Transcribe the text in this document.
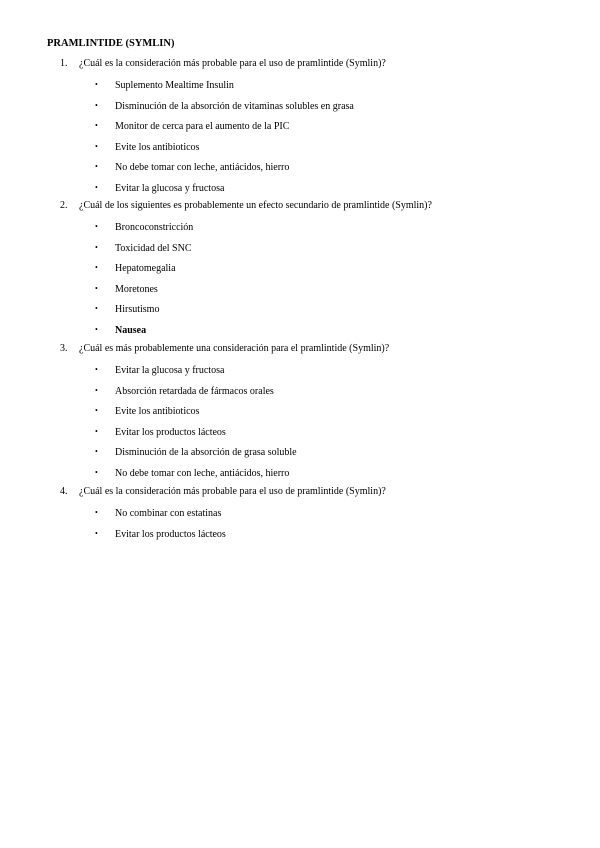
PRAMLINTIDE (SYMLIN)
1. ¿Cuál es la consideración más probable para el uso de pramlintide (Symlin)?
• Suplemento Mealtime Insulin
• Disminución de la absorción de vitaminas solubles en grasa
• Monitor de cerca para el aumento de la PIC
• Evite los antibioticos
• No debe tomar con leche, antiácidos, hierro
• Evitar la glucosa y fructosa
2. ¿Cuál de los siguientes es probablemente un efecto secundario de pramlintide (Symlin)?
• Broncoconstricción
• Toxicidad del SNC
• Hepatomegalia
• Moretones
• Hirsutismo
• Nausea
3. ¿Cuál es más probablemente una consideración para el pramlintide (Symlin)?
• Evitar la glucosa y fructosa
• Absorción retardada de fármacos orales
• Evite los antibioticos
• Evitar los productos lácteos
• Disminución de la absorción de grasa soluble
• No debe tomar con leche, antiácidos, hierro
4. ¿Cuál es la consideración más probable para el uso de pramlintide (Symlin)?
• No combinar con estatinas
• Evitar los productos lácteos
